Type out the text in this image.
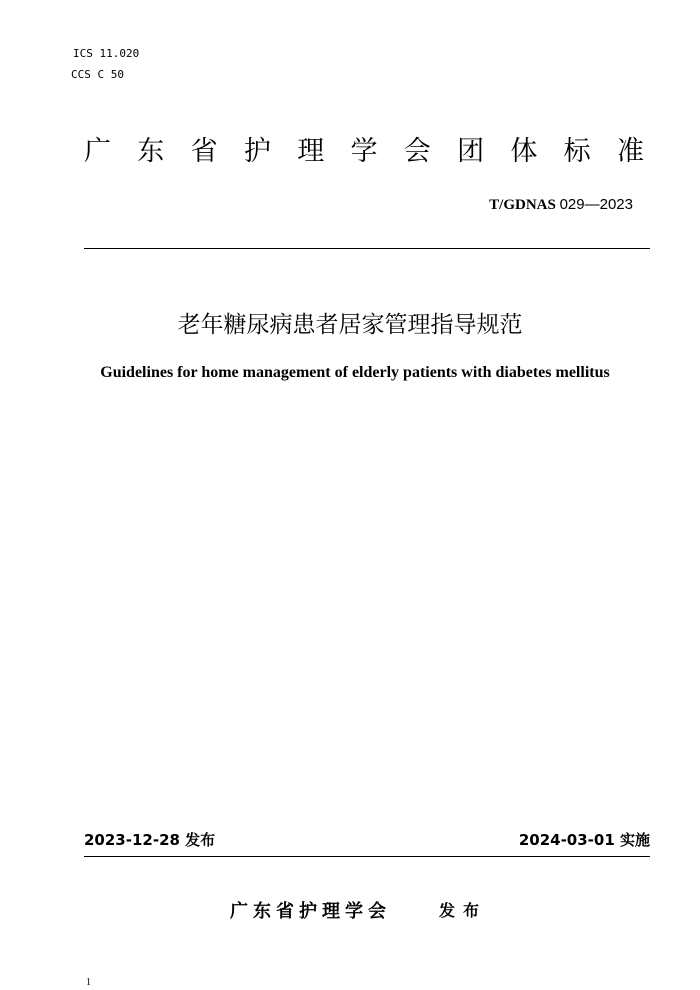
ICS 11.020
CCS C 50
广 东 省 护 理 学 会 团 体 标 准
T/GDNAS 029—2023
老年糖尿病患者居家管理指导规范
Guidelines for home management of elderly patients with diabetes mellitus
2023-12-28 发布	2024-03-01 实施
广东省护理学会	发布
1
